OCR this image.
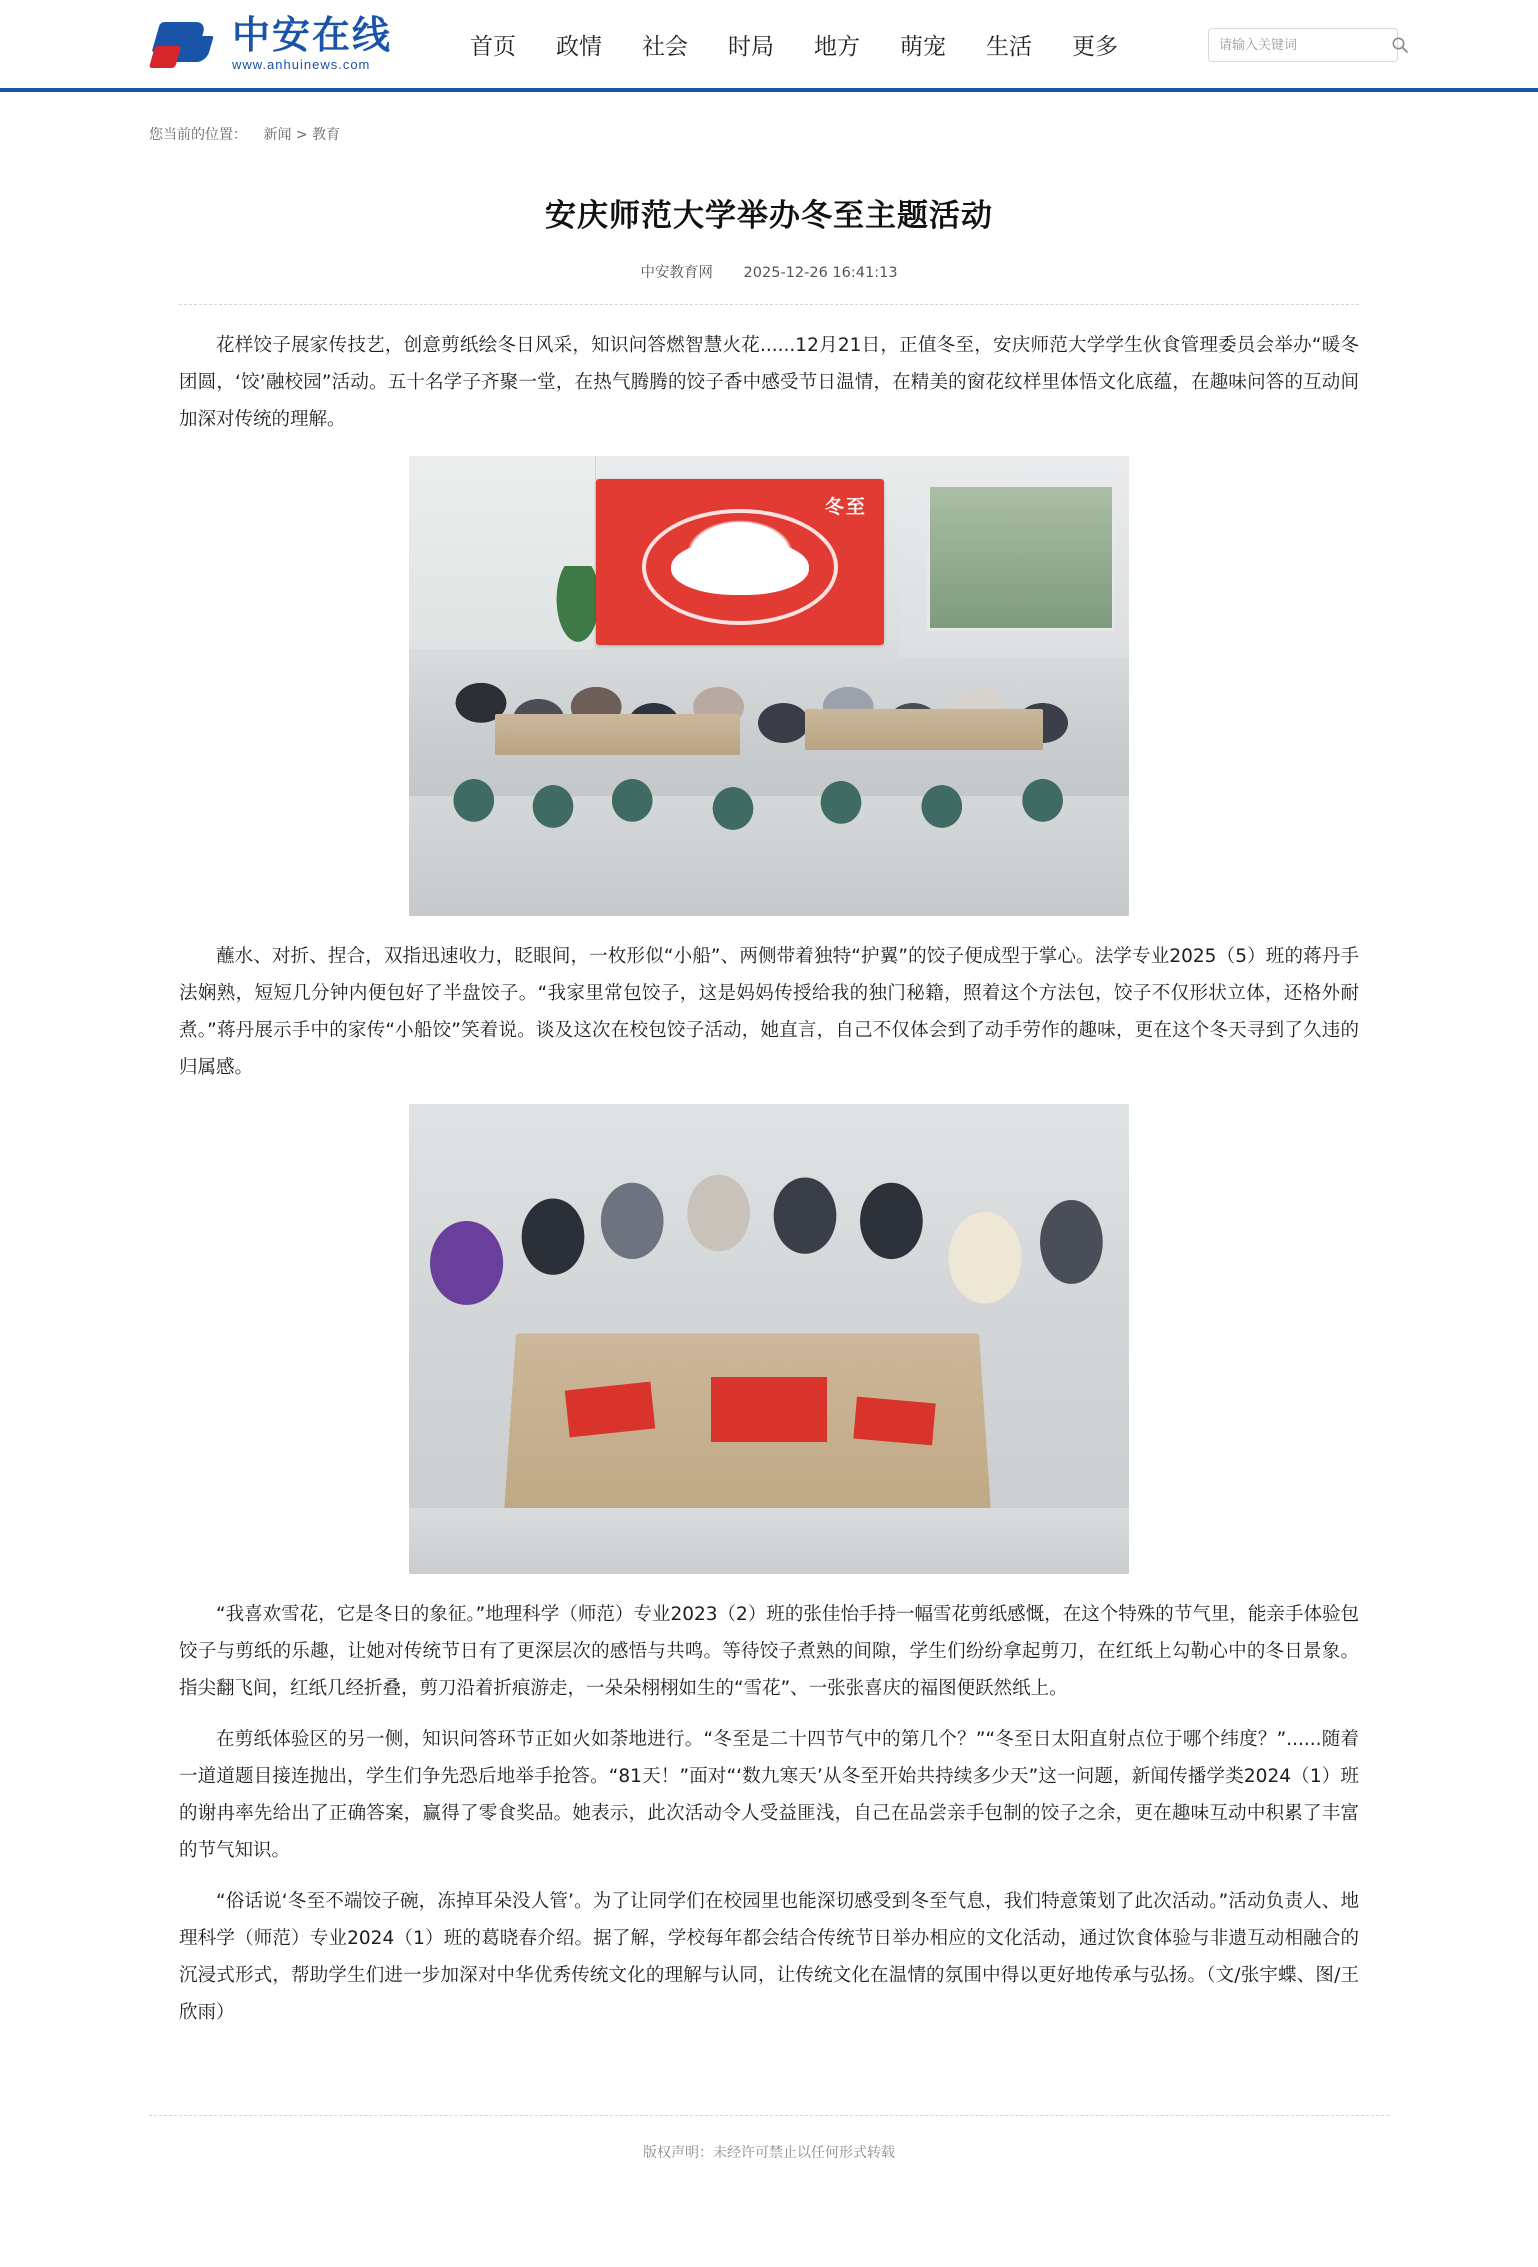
中安在线
www.anhuinews.com
首页 政情 社会 时局 地方 萌宠 生活 更多
请输入关键词
您当前的位置： 新闻 > 教育
安庆师范大学举办冬至主题活动
中安教育网 2025-12-26 16:41:13

花样饺子展家传技艺，创意剪纸绘冬日风采，知识问答燃智慧火花......12月21日，正值冬至，安庆师范大学学生伙食管理委员会举办“暖冬团圆，‘饺’融校园”活动。五十名学子齐聚一堂，在热气腾腾的饺子香中感受节日温情，在精美的窗花纹样里体悟文化底蕴，在趣味问答的互动间加深对传统的理解。

冬至

蘸水、对折、捏合，双指迅速收力，眨眼间，一枚形似“小船”、两侧带着独特“护翼”的饺子便成型于掌心。法学专业2025（5）班的蒋丹手法娴熟，短短几分钟内便包好了半盘饺子。“我家里常包饺子，这是妈妈传授给我的独门秘籍，照着这个方法包，饺子不仅形状立体，还格外耐煮。”蒋丹展示手中的家传“小船饺”笑着说。谈及这次在校包饺子活动，她直言，自己不仅体会到了动手劳作的趣味，更在这个冬天寻到了久违的归属感。

“我喜欢雪花，它是冬日的象征。”地理科学（师范）专业2023（2）班的张佳怡手持一幅雪花剪纸感慨，在这个特殊的节气里，能亲手体验包饺子与剪纸的乐趣，让她对传统节日有了更深层次的感悟与共鸣。等待饺子煮熟的间隙，学生们纷纷拿起剪刀，在红纸上勾勒心中的冬日景象。指尖翻飞间，红纸几经折叠，剪刀沿着折痕游走，一朵朵栩栩如生的“雪花”、一张张喜庆的福图便跃然纸上。

在剪纸体验区的另一侧，知识问答环节正如火如荼地进行。“冬至是二十四节气中的第几个？”“冬至日太阳直射点位于哪个纬度？”......随着一道道题目接连抛出，学生们争先恐后地举手抢答。“81天！”面对“‘数九寒天’从冬至开始共持续多少天”这一问题，新闻传播学类2024（1）班的谢冉率先给出了正确答案，赢得了零食奖品。她表示，此次活动令人受益匪浅，自己在品尝亲手包制的饺子之余，更在趣味互动中积累了丰富的节气知识。

“俗话说‘冬至不端饺子碗，冻掉耳朵没人管’。为了让同学们在校园里也能深切感受到冬至气息，我们特意策划了此次活动。”活动负责人、地理科学（师范）专业2024（1）班的葛晓春介绍。据了解，学校每年都会结合传统节日举办相应的文化活动，通过饮食体验与非遗互动相融合的沉浸式形式，帮助学生们进一步加深对中华优秀传统文化的理解与认同，让传统文化在温情的氛围中得以更好地传承与弘扬。（文/张宇蝶、图/王欣雨）

版权声明：未经许可禁止以任何形式转载
